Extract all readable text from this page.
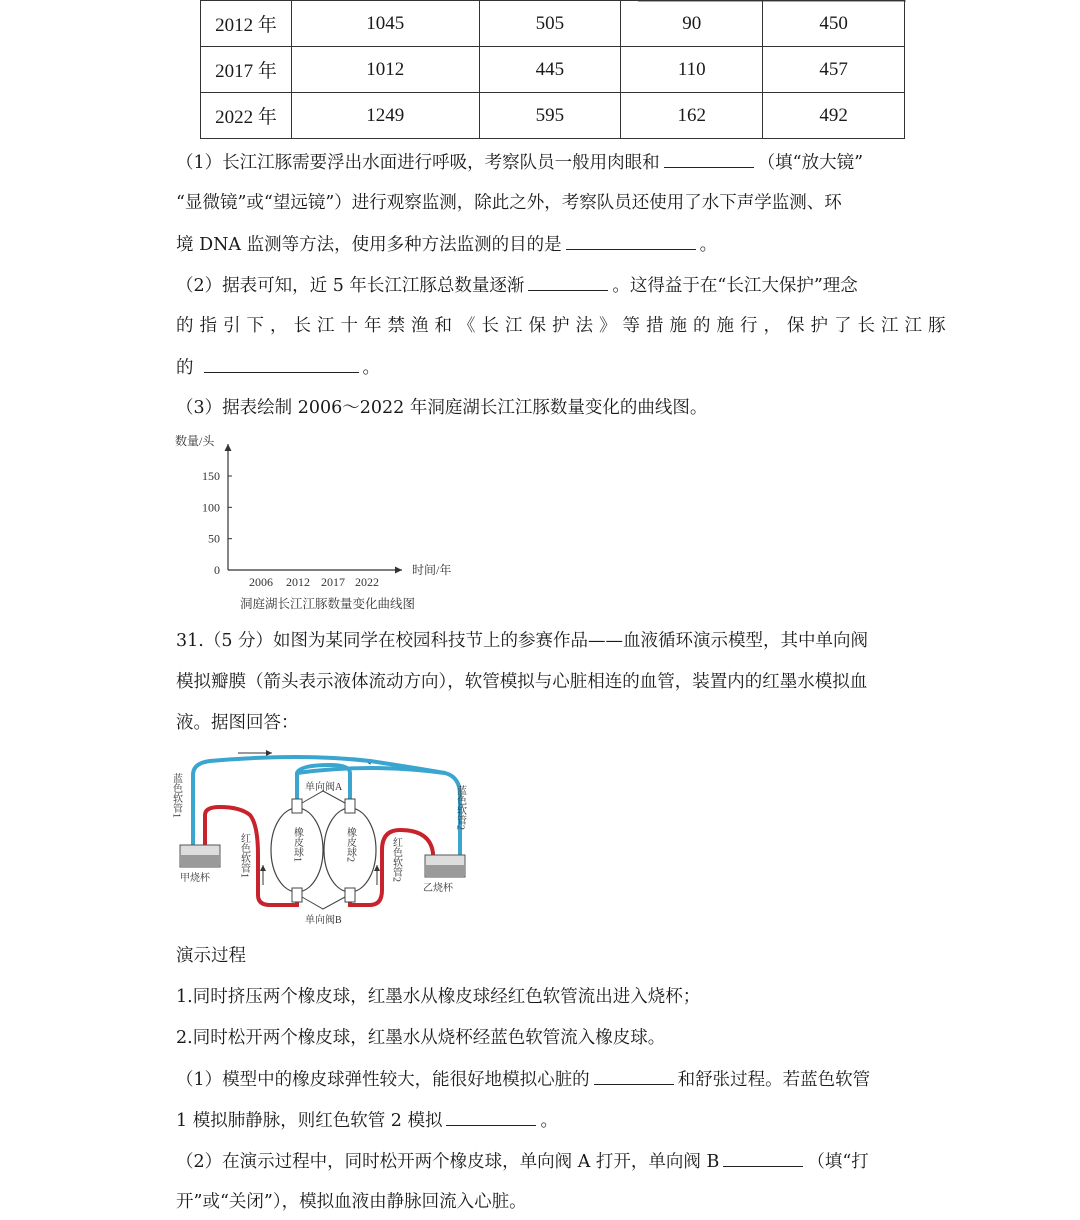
2012 年	1045	505	90	450
2017 年	1012	445	110	457
2022 年	1249	595	162	492
（1）长江江豚需要浮出水面进行呼吸，考察队员一般用肉眼和	（填“放大镜”
“显微镜”或“望远镜”）进行观察监测，除此之外，考察队员还使用了水下声学监测、环
境 DNA 监测等方法，使用多种方法监测的目的是	。
（2）据表可知，近 5 年长江江豚总数量逐渐	。这得益于在“长江大保护”理念
的指引下，长江十年禁渔和《长江保护法》等措施的施行，保护了长江江豚
的	。
（3）据表绘制 2006～2022 年洞庭湖长江江豚数量变化的曲线图。
数量/头
0
50
100
150
2006 2012 2017 2022
时间/年
洞庭湖长江江豚数量变化曲线图
31.（5 分）如图为某同学在校园科技节上的参赛作品——血液循环演示模型，其中单向阀
模拟瓣膜（箭头表示液体流动方向），软管模拟与心脏相连的血管，装置内的红墨水模拟血
液。据图回答：
蓝色软管1	蓝色软管2
红色软管1	红色软管2
橡皮球1	橡皮球2
单向阀A
单向阀B
甲烧杯
乙烧杯
演示过程
1.同时挤压两个橡皮球，红墨水从橡皮球经红色软管流出进入烧杯；
2.同时松开两个橡皮球，红墨水从烧杯经蓝色软管流入橡皮球。
（1）模型中的橡皮球弹性较大，能很好地模拟心脏的	和舒张过程。若蓝色软管
1 模拟肺静脉，则红色软管 2 模拟	。
（2）在演示过程中，同时松开两个橡皮球，单向阀 A 打开，单向阀 B	（填“打
开”或“关闭”），模拟血液由静脉回流入心脏。
